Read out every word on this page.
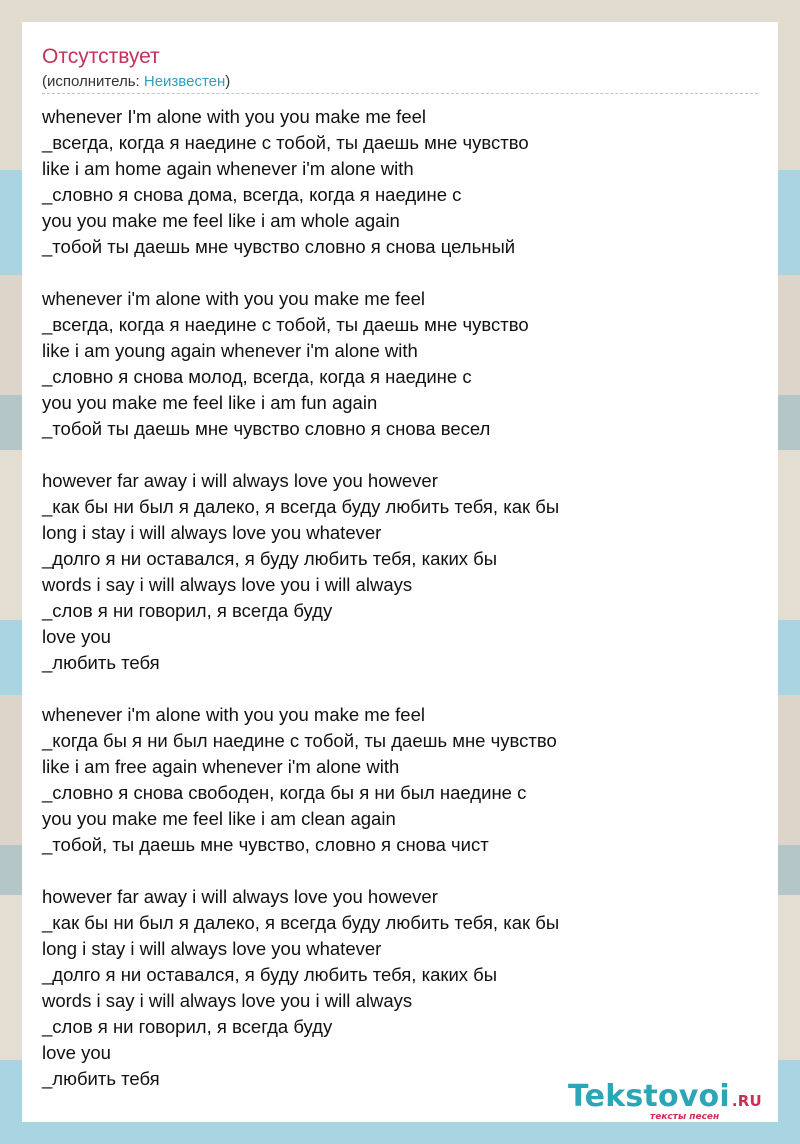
Отсутствует
(исполнитель: Неизвестен)
whenever I'm alone with you you make me feel
_всегда, когда я наедине с тобой, ты даешь мне чувство
like i am home again whenever i'm alone with
_словно я снова дома, всегда, когда я наедине с
you you make me feel like i am whole again
_тобой ты даешь мне чувство словно я снова цельный
whenever i'm alone with you you make me feel
_всегда, когда я наедине с тобой, ты даешь мне чувство
like i am young again whenever i'm alone with
_словно я снова молод, всегда, когда я наедине с
you you make me feel like i am fun again
_тобой ты даешь мне чувство словно я снова весел
however far away i will always love you however
_как бы ни был я далеко, я всегда буду любить тебя, как бы
long i stay i will always love you whatever
_долго я ни оставался, я буду любить тебя, каких бы
words i say i will always love you i will always
_слов я ни говорил, я всегда буду
love you
_любить тебя
whenever i'm alone with you you make me feel
_когда бы я ни был наедине с тобой, ты даешь мне чувство
like i am free again whenever i'm alone with
_словно я снова свободен, когда бы я ни был наедине с
you you make me feel like i am clean again
_тобой, ты даешь мне чувство, словно я снова чист
however far away i will always love you however
_как бы ни был я далеко, я всегда буду любить тебя, как бы
long i stay i will always love you whatever
_долго я ни оставался, я буду любить тебя, каких бы
words i say i will always love you i will always
_слов я ни говорил, я всегда буду
love you
_любить тебя
Tekstovoi .RU
тексты песен
